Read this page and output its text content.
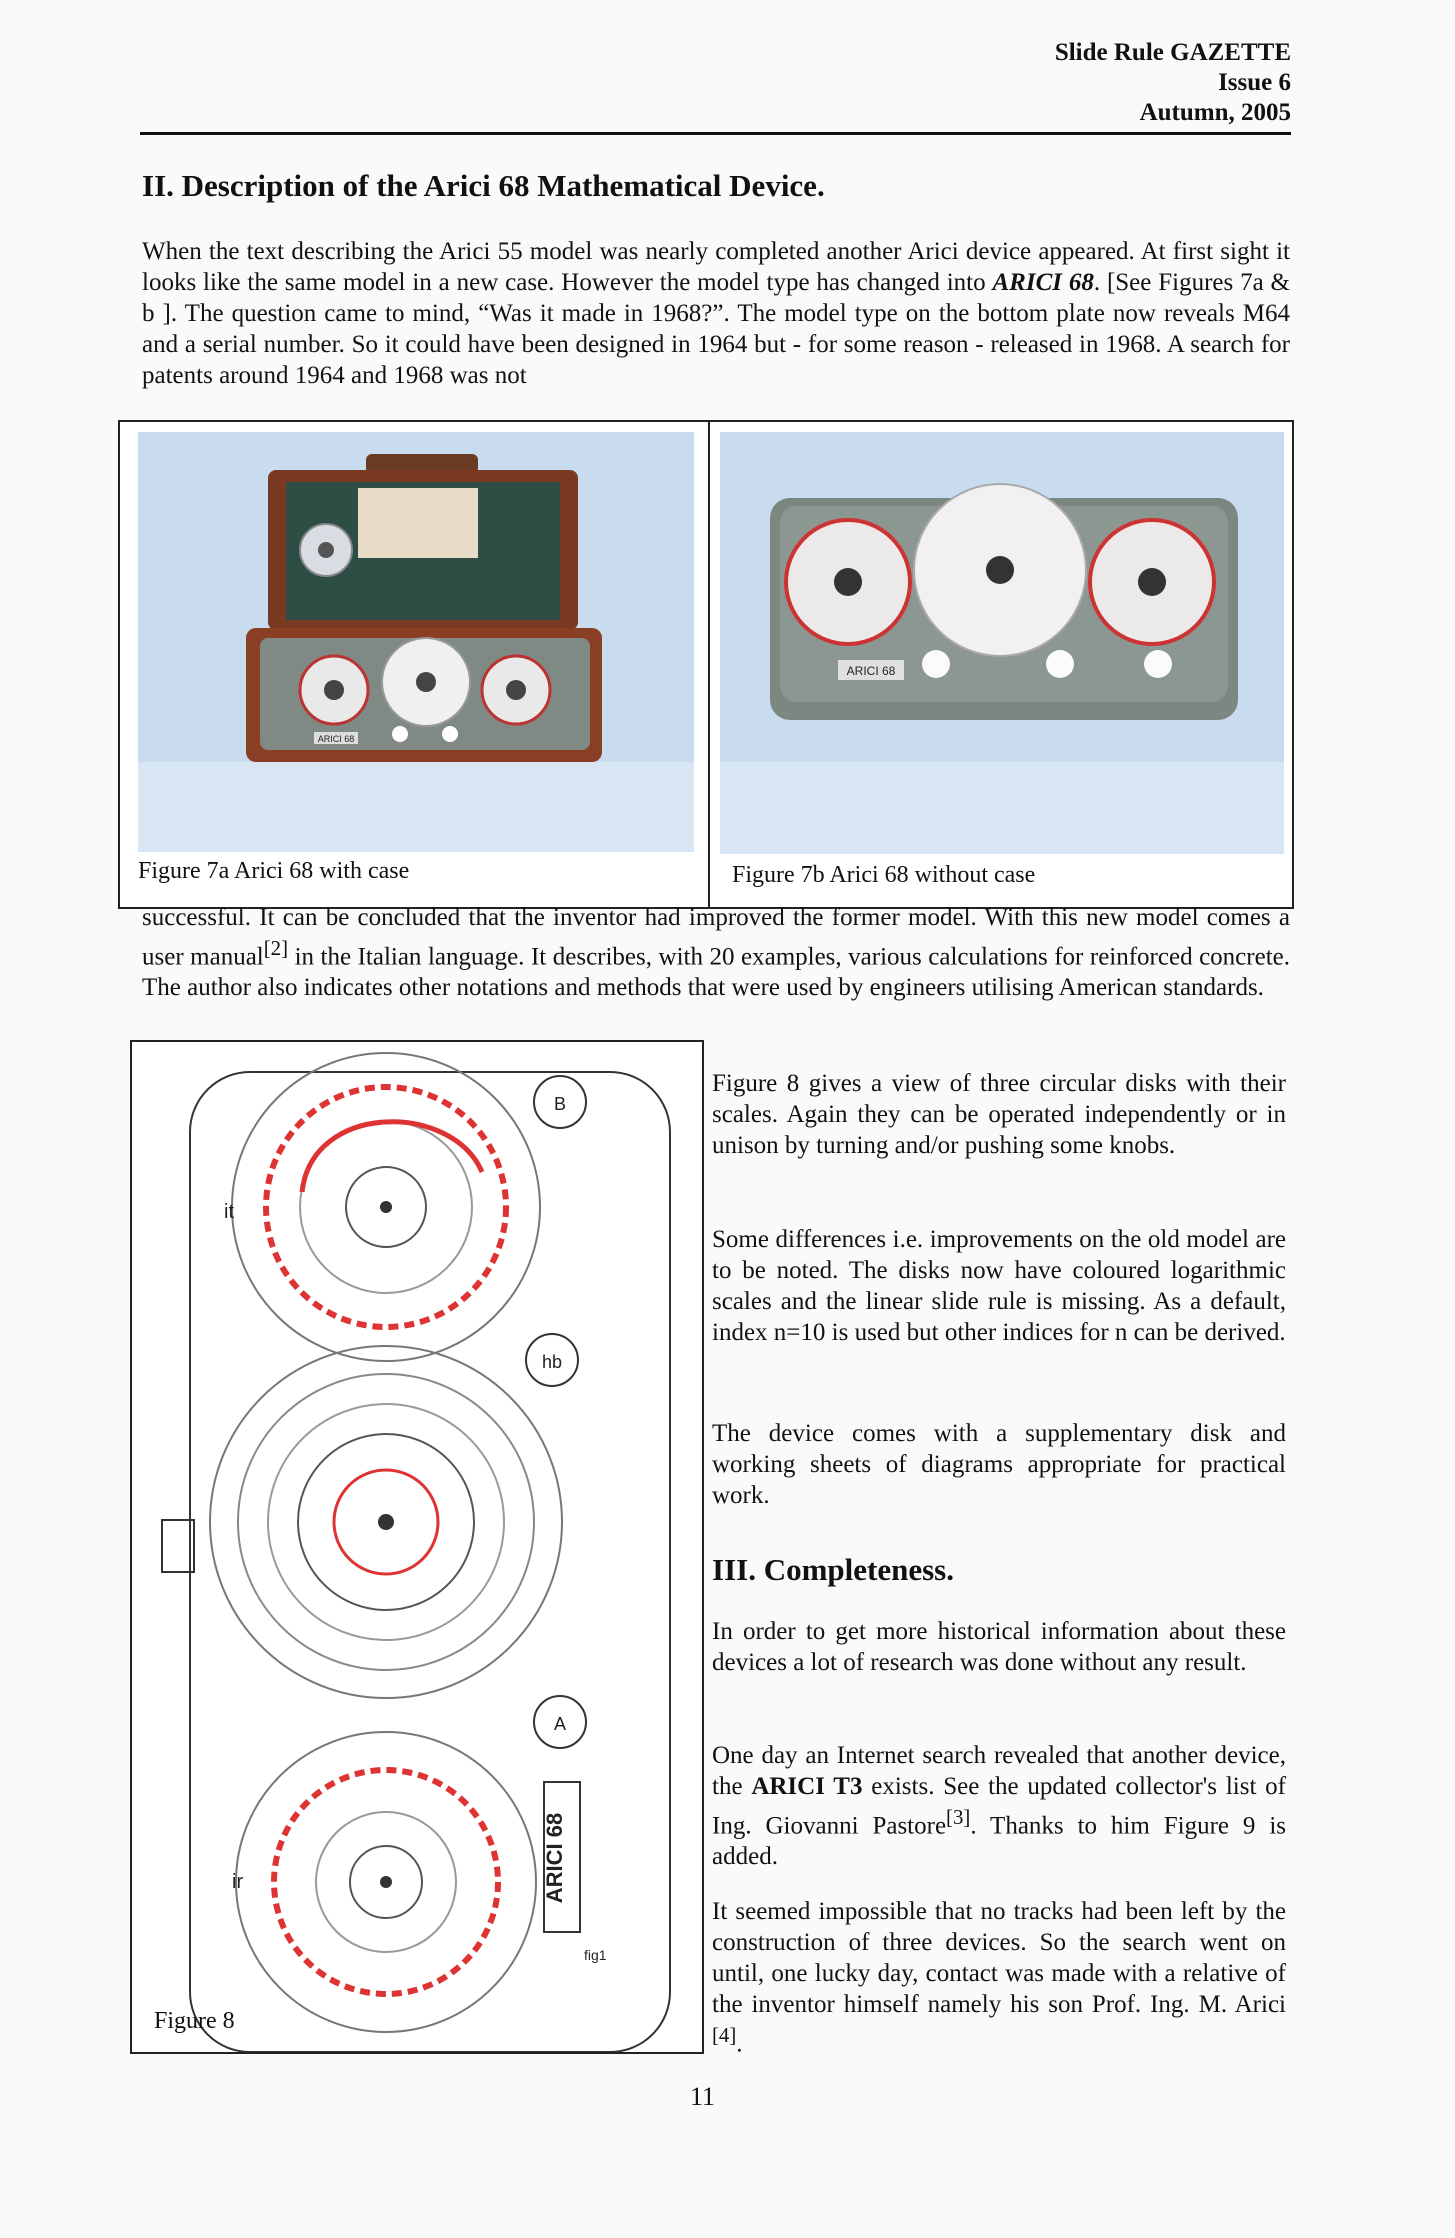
Slide Rule GAZETTE
Issue 6
Autumn, 2005
II. Description of the Arici 68 Mathematical Device.

When the text describing the Arici 55 model was nearly completed another Arici device appeared. At first sight it looks like the same model in a new case. However the model type has changed into ARICI 68. [See Figures 7a & b ]. The question came to mind, “Was it made in 1968?”. The model type on the bottom plate now reveals M64 and a serial number. So it could have been designed in 1964 but - for some reason - released in 1968. A search for patents around 1964 and 1968 was not

ARICI 68
Figure 7a Arici 68 with case
ARICI 68
Figure 7b Arici 68 without case

successful. It can be concluded that the inventor had improved the former model. With this new model comes a user manual[2] in the Italian language. It describes, with 20 examples, various calculations for reinforced concrete. The author also indicates other notations and methods that were used by engineers utilising American standards.

B
hb
A
it
ir	ARICI 68
fig1
Figure 8

Figure 8 gives a view of three circular disks with their scales. Again they can be operated independently or in unison by turning and/or pushing some knobs.

Some differences i.e. improvements on the old model are to be noted. The disks now have coloured logarithmic scales and the linear slide rule is missing. As a default, index n=10 is used but other indices for n can be derived.

The device comes with a supplementary disk and working sheets of diagrams appropriate for practical work.

III. Completeness.

In order to get more historical information about these devices a lot of research was done without any result.

One day an Internet search revealed that another device, the ARICI T3 exists. See the updated collector's list of Ing. Giovanni Pastore[3]. Thanks to him Figure 9 is added.

It seemed impossible that no tracks had been left by the construction of three devices. So the search went on until, one lucky day, contact was made with a relative of the inventor himself namely his son Prof. Ing. M. Arici [4].

11
